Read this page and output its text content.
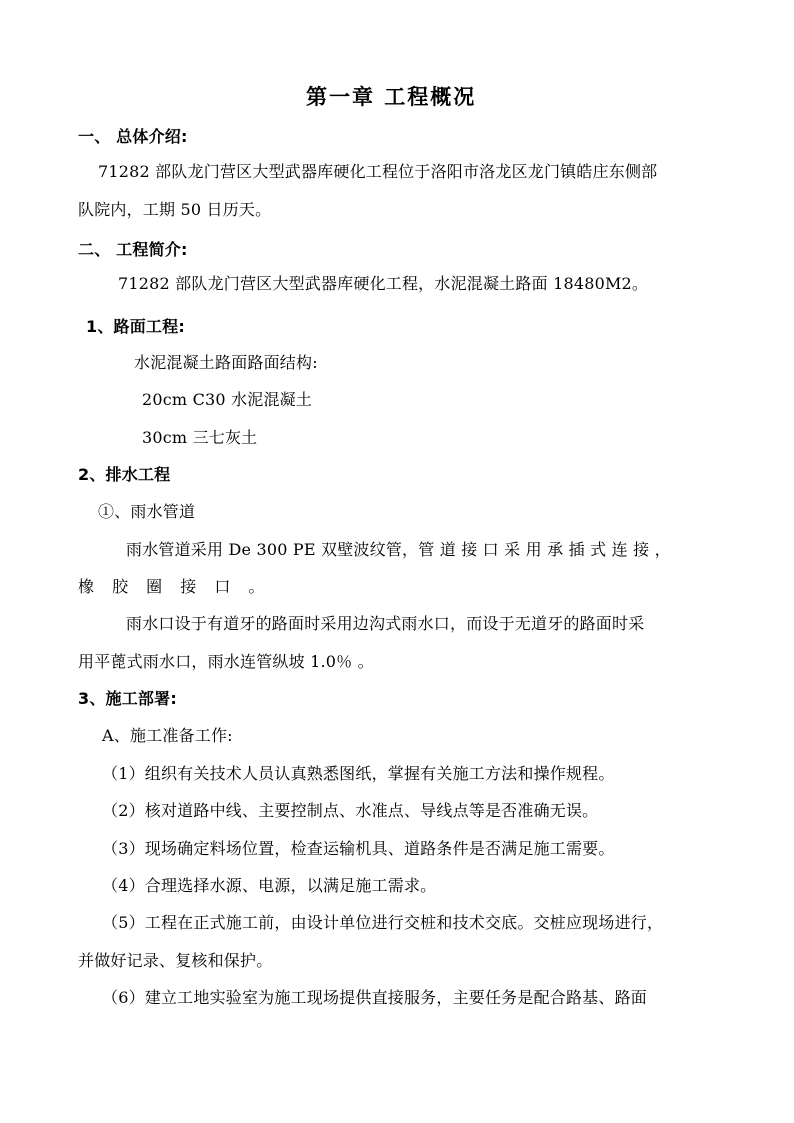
第一章 工程概况
一、 总体介绍:
71282 部队龙门营区大型武器库硬化工程位于洛阳市洛龙区龙门镇皓庄东侧部
队院内，工期 50 日历天。
二、 工程简介:
71282 部队龙门营区大型武器库硬化工程，水泥混凝土路面 18480M2。
1、路面工程:
水泥混凝土路面路面结构:
20cm C30 水泥混凝土
30cm 三七灰土
2、排水工程
①、雨水管道
雨水管道采用 De 300 PE 双壁波纹管，管 道 接 口 采 用 承 插 式 连 接 ，
橡 胶 圈 接 口 。
雨水口设于有道牙的路面时采用边沟式雨水口，而设于无道牙的路面时采
用平蓖式雨水口，雨水连管纵坡 1.0％ 。
3、施工部署:
A、施工准备工作:
（1）组织有关技术人员认真熟悉图纸，掌握有关施工方法和操作规程。
（2）核对道路中线、主要控制点、水准点、导线点等是否准确无误。
（3）现场确定料场位置，检查运输机具、道路条件是否满足施工需要。
（4）合理选择水源、电源，以满足施工需求。
（5）工程在正式施工前，由设计单位进行交桩和技术交底。交桩应现场进行，
并做好记录、复核和保护。
（6）建立工地实验室为施工现场提供直接服务，主要任务是配合路基、路面
